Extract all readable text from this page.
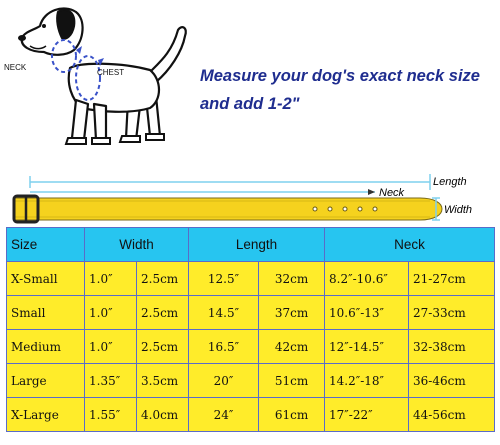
NECK
CHEST	Measure your dog's exact neck size
and add 1-2"
Length
Neck
Width
Size	Width		Length		Neck	
X-Small	1.0″	2.5cm	12.5″	32cm	8.2″-10.6″	21-27cm
Small	1.0″	2.5cm	14.5″	37cm	10.6″-13″	27-33cm
Medium	1.0″	2.5cm	16.5″	42cm	12″-14.5″	32-38cm
Large	1.35″	3.5cm	20″	51cm	14.2″-18″	36-46cm
X-Large	1.55″	4.0cm	24″	61cm	17″-22″	44-56cm
